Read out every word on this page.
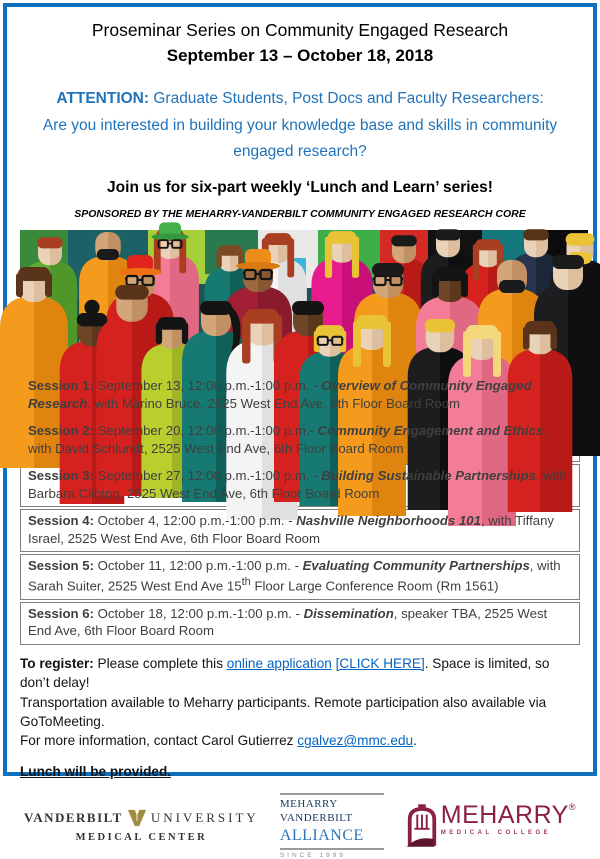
Proseminar Series on Community Engaged Research
September 13 – October 18, 2018
ATTENTION: Graduate Students, Post Docs and Faculty Researchers:
Are you interested in building your knowledge base and skills in community engaged research?
Join us for six-part weekly ‘Lunch and Learn’ series!
SPONSORED BY THE MEHARRY-VANDERBILT COMMUNITY ENGAGED RESEARCH CORE
Session 1: September 13, 12:00 p.m.-1:00 p.m. - Overview of Community Engaged Research, with Marino Bruce, 2525 West End Ave, 6th Floor Board Room
Session 2: September 20, 12:00 p.m.-1:00 p.m.- Community Engagement and Ethics, with David Schlundt, 2525 West End Ave, 6th Floor Board Room
Session 3: September 27, 12:00 p.m.-1:00 p.m. - Building Sustainable Partnerships, with Barbara Clinton, 2525 West End Ave, 6th Floor Board Room
Session 4: October 4, 12:00 p.m.-1:00 p.m. - Nashville Neighborhoods 101, with Tiffany Israel, 2525 West End Ave, 6th Floor Board Room
Session 5: October 11, 12:00 p.m.-1:00 p.m. - Evaluating Community Partnerships, with Sarah Suiter, 2525 West End Ave 15th Floor Large Conference Room (Rm 1561)
Session 6: October 18, 12:00 p.m.-1:00 p.m. - Dissemination, speaker TBA, 2525 West End Ave, 6th Floor Board Room

To register: Please complete this online application [CLICK HERE]. Space is limited, so don’t delay!
Transportation available to Meharry participants. Remote participation also available via GoToMeeting.
For more information, contact Carol Gutierrez cgalvez@mmc.edu.

Lunch will be provided.
VANDERBILT UNIVERSITY
MEDICAL CENTER
MEHARRY
VANDERBILT
ALLIANCE
SINCE 1999
MEHARRY®
MEDICAL COLLEGE
